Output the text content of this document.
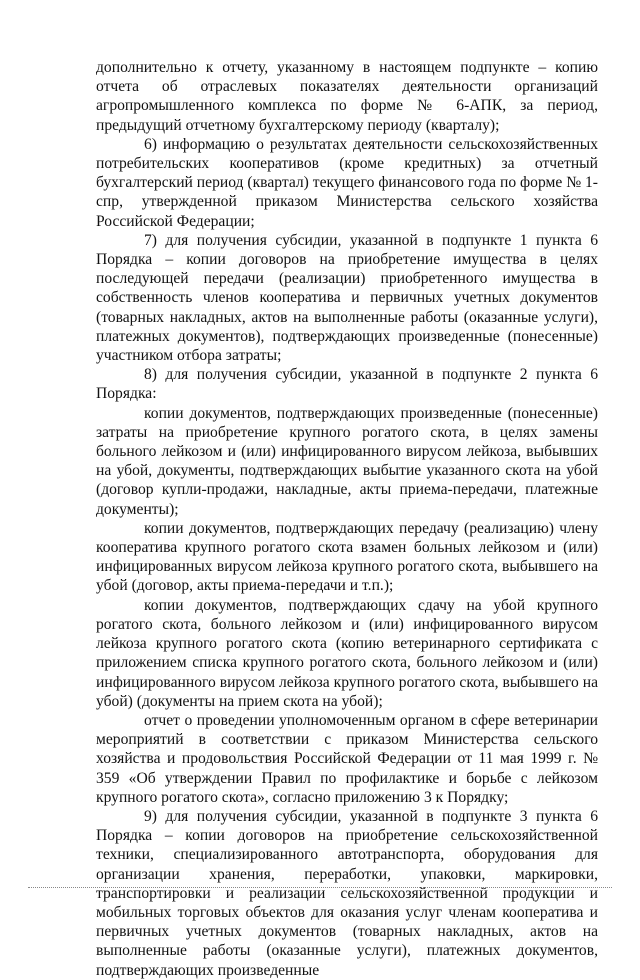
дополнительно к отчету, указанному в настоящем подпункте – копию отчета об отраслевых показателях деятельности организаций агропромышленного комплекса по форме № 6-АПК, за период, предыдущий отчетному бухгалтерскому периоду (кварталу);

6) информацию о результатах деятельности сельскохозяйственных потребительских кооперативов (кроме кредитных) за отчетный бухгалтерский период (квартал) текущего финансового года по форме № 1-спр, утвержденной приказом Министерства сельского хозяйства Российской Федерации;

7) для получения субсидии, указанной в подпункте 1 пункта 6 Порядка – копии договоров на приобретение имущества в целях последующей передачи (реализации) приобретенного имущества в собственность членов кооператива и первичных учетных документов (товарных накладных, актов на выполненные работы (оказанные услуги), платежных документов), подтверждающих произведенные (понесенные) участником отбора затраты;

8) для получения субсидии, указанной в подпункте 2 пункта 6 Порядка:

копии документов, подтверждающих произведенные (понесенные) затраты на приобретение крупного рогатого скота, в целях замены больного лейкозом и (или) инфицированного вирусом лейкоза, выбывших на убой, документы, подтверждающих выбытие указанного скота на убой (договор купли-продажи, накладные, акты приема-передачи, платежные документы);

копии документов, подтверждающих передачу (реализацию) члену кооператива крупного рогатого скота взамен больных лейкозом и (или) инфицированных вирусом лейкоза крупного рогатого скота, выбывшего на убой (договор, акты приема-передачи и т.п.);

копии документов, подтверждающих сдачу на убой крупного рогатого скота, больного лейкозом и (или) инфицированного вирусом лейкоза крупного рогатого скота (копию ветеринарного сертификата с приложением списка крупного рогатого скота, больного лейкозом и (или) инфицированного вирусом лейкоза крупного рогатого скота, выбывшего на убой) (документы на прием скота на убой);

отчет о проведении уполномоченным органом в сфере ветеринарии мероприятий в соответствии с приказом Министерства сельского хозяйства и продовольствия Российской Федерации от 11 мая 1999 г. № 359 «Об утверждении Правил по профилактике и борьбе с лейкозом крупного рогатого скота», согласно приложению 3 к Порядку;

9) для получения субсидии, указанной в подпункте 3 пункта 6 Порядка – копии договоров на приобретение сельскохозяйственной техники, специализированного автотранспорта, оборудования для организации хранения, переработки, упаковки, маркировки, транспортировки и реализации сельскохозяйственной продукции и мобильных торговых объектов для оказания услуг членам кооператива и первичных учетных документов (товарных накладных, актов на выполненные работы (оказанные услуги), платежных документов, подтверждающих произведенные
